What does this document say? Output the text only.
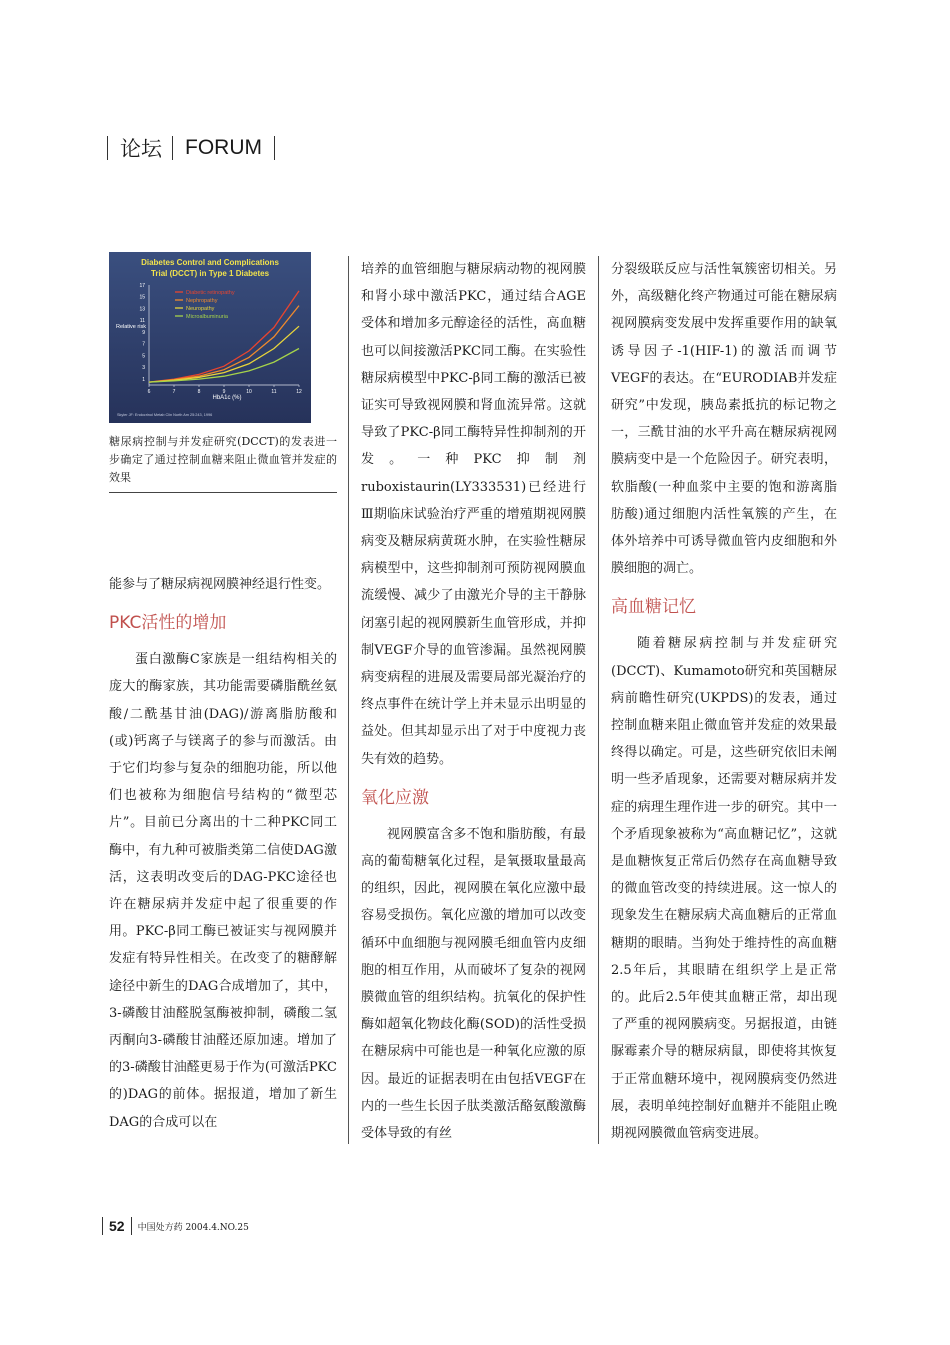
论坛 FORUM
Diabetes Control and Complications
Trial (DCCT) in Type 1 Diabetes
Relative risk
HbA1c (%)
Skyler JF: Endocrinol Metab Clin North Am 25:243, 1996
1
3
5
7
9
11
13
15
17
6	7	8	9	10	11	12
Diabetic retinopathy
Nephropathy
Neuropathy
Microalbuminuria
糖尿病控制与并发症研究(DCCT)的发表进一步确定了通过控制血糖来阻止微血管并发症的效果

能参与了糖尿病视网膜神经退行性变。

PKC活性的增加

蛋白激酶C家族是一组结构相关的庞大的酶家族，其功能需要磷脂酰丝氨酸/二酰基甘油(DAG)/游离脂肪酸和(或)钙离子与镁离子的参与而激活。由于它们均参与复杂的细胞功能，所以他们也被称为细胞信号结构的“微型芯片”。目前已分离出的十二种PKC同工酶中，有九种可被脂类第二信使DAG激活，这表明改变后的DAG-PKC途径也许在糖尿病并发症中起了很重要的作用。PKC-β同工酶已被证实与视网膜并发症有特异性相关。在改变了的糖酵解途径中新生的DAG合成增加了，其中，3-磷酸甘油醛脱氢酶被抑制，磷酸二氢丙酮向3-磷酸甘油醛还原加速。增加了的3-磷酸甘油醛更易于作为(可激活PKC的)DAG的前体。据报道，增加了新生DAG的合成可以在

培养的血管细胞与糖尿病动物的视网膜和肾小球中激活PKC，通过结合AGE受体和增加多元醇途径的活性，高血糖也可以间接激活PKC同工酶。在实验性糖尿病模型中PKC-β同工酶的激活已被证实可导致视网膜和肾血流异常。这就导致了PKC-β同工酶特异性抑制剂的开发。一种PKC抑制剂ruboxistaurin(LY333531)已经进行Ⅲ期临床试验治疗严重的增殖期视网膜病变及糖尿病黄斑水肿，在实验性糖尿病模型中，这些抑制剂可预防视网膜血流缓慢、减少了由激光介导的主干静脉闭塞引起的视网膜新生血管形成，并抑制VEGF介导的血管渗漏。虽然视网膜病变病程的进展及需要局部光凝治疗的终点事件在统计学上并未显示出明显的益处。但其却显示出了对于中度视力丧失有效的趋势。

氧化应激

视网膜富含多不饱和脂肪酸，有最高的葡萄糖氧化过程，是氧摄取量最高的组织，因此，视网膜在氧化应激中最容易受损伤。氧化应激的增加可以改变循环中血细胞与视网膜毛细血管内皮细胞的相互作用，从而破坏了复杂的视网膜微血管的组织结构。抗氧化的保护性酶如超氧化物歧化酶(SOD)的活性受损在糖尿病中可能也是一种氧化应激的原因。最近的证据表明在由包括VEGF在内的一些生长因子肽类激活酪氨酸激酶受体导致的有丝

分裂级联反应与活性氧簇密切相关。另外，高级糖化终产物通过可能在糖尿病视网膜病变发展中发挥重要作用的缺氧诱导因子-1(HIF-1)的激活而调节VEGF的表达。在“EURODIAB并发症研究”中发现，胰岛素抵抗的标记物之一，三酰甘油的水平升高在糖尿病视网膜病变中是一个危险因子。研究表明，软脂酸(一种血浆中主要的饱和游离脂肪酸)通过细胞内活性氧簇的产生，在体外培养中可诱导微血管内皮细胞和外膜细胞的凋亡。

高血糖记忆

随着糖尿病控制与并发症研究(DCCT)、Kumamoto研究和英国糖尿病前瞻性研究(UKPDS)的发表，通过控制血糖来阻止微血管并发症的效果最终得以确定。可是，这些研究依旧未阐明一些矛盾现象，还需要对糖尿病并发症的病理生理作进一步的研究。其中一个矛盾现象被称为“高血糖记忆”，这就是血糖恢复正常后仍然存在高血糖导致的微血管改变的持续进展。这一惊人的现象发生在糖尿病犬高血糖后的正常血糖期的眼睛。当狗处于维持性的高血糖2.5年后，其眼睛在组织学上是正常的。此后2.5年使其血糖正常，却出现了严重的视网膜病变。另据报道，由链脲霉素介导的糖尿病鼠，即使将其恢复于正常血糖环境中，视网膜病变仍然进展，表明单纯控制好血糖并不能阻止晚期视网膜微血管病变进展。

52 中国处方药 2004.4.NO.25
